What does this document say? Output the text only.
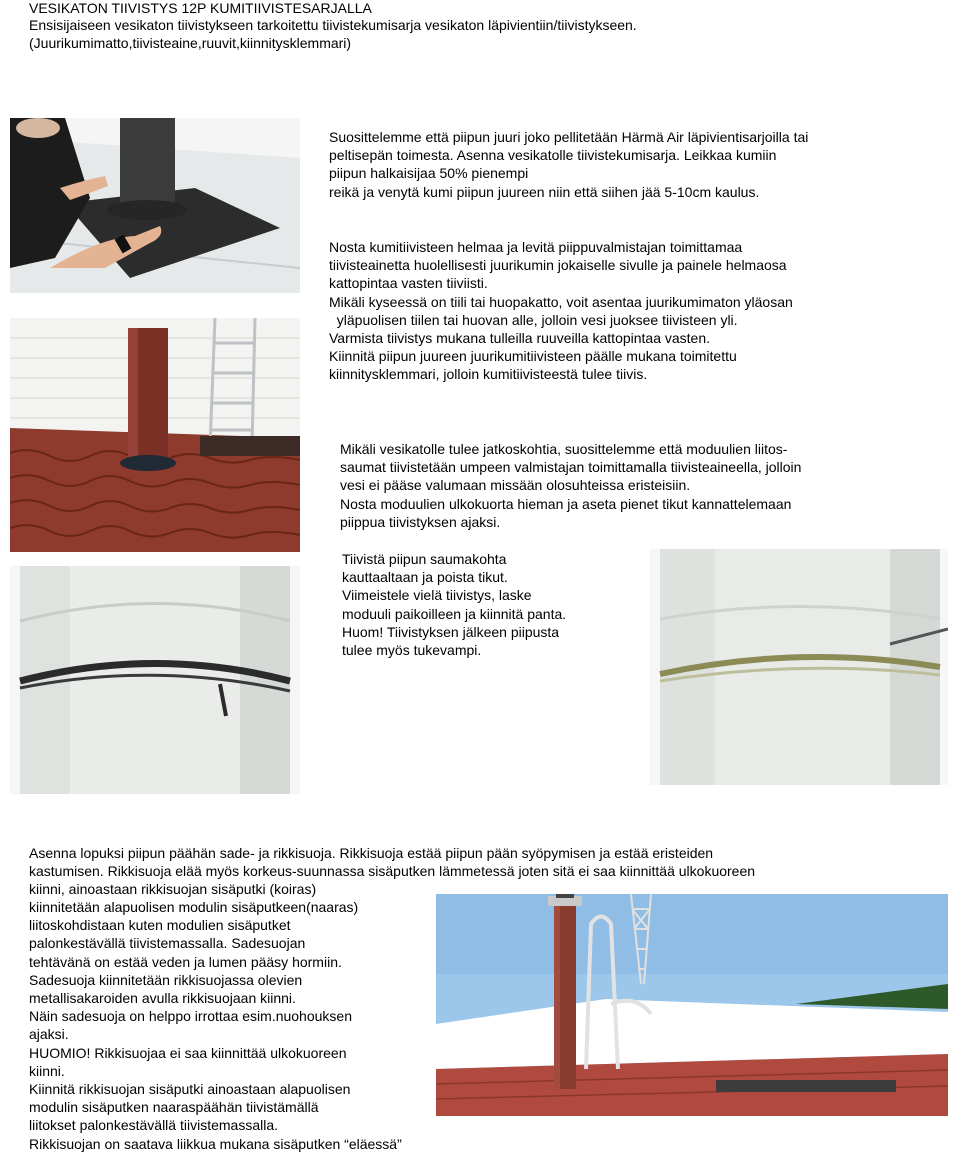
VESIKATON TIIVISTYS 12P KUMITIIVISTESARJALLA
Ensisijaiseen vesikaton tiivistykseen tarkoitettu tiivistekumisarja vesikaton läpivientiin/tiivistykseen.
(Juurikumimatto,tiivisteaine,ruuvit,kiinnitysklemmari)

Suosittelemme että piipun juuri joko pellitetään Härmä Air läpivientisarjoilla tai

peltisepän toimesta. Asenna vesikatolle tiivistekumisarja. Leikkaa kumiin

piipun halkaisijaa 50% pienempi

reikä ja venytä kumi piipun juureen niin että siihen jää 5-10cm kaulus.

Nosta kumitiivisteen helmaa ja levitä piippuvalmistajan toimittamaa

tiivisteainetta huolellisesti juurikumin jokaiselle sivulle ja painele helmaosa

kattopintaa vasten tiiviisti.

Mikäli kyseessä on tiili tai huopakatto, voit asentaa juurikumimaton yläosan

yläpuolisen tiilen tai huovan alle, jolloin vesi juoksee tiivisteen yli.

Varmista tiivistys mukana tulleilla ruuveilla kattopintaa vasten.

Kiinnitä piipun juureen juurikumitiivisteen päälle mukana toimitettu

kiinnitysklemmari, jolloin kumitiivisteestä tulee tiivis.

Mikäli vesikatolle tulee jatkoskohtia, suosittelemme että moduulien liitos-

saumat tiivistetään umpeen valmistajan toimittamalla tiivisteaineella, jolloin

vesi ei pääse valumaan missään olosuhteissa eristeisiin.

Nosta moduulien ulkokuorta hieman ja aseta pienet tikut kannattelemaan

piippua tiivistyksen ajaksi.

Tiivistä piipun saumakohta

kauttaaltaan ja poista tikut.

Viimeistele vielä tiivistys, laske

moduuli paikoilleen ja kiinnitä panta.

Huom! Tiivistyksen jälkeen piipusta

tulee myös tukevampi.

Asenna lopuksi piipun päähän sade- ja rikkisuoja. Rikkisuoja estää piipun pään syöpymisen ja estää eristeiden

kastumisen. Rikkisuoja elää myös korkeus-suunnassa sisäputken lämmetessä joten sitä ei saa kiinnittää ulkokuoreen

kiinni, ainoastaan rikkisuojan sisäputki (koiras)

kiinnitetään alapuolisen modulin sisäputkeen(naaras)

liitoskohdistaan kuten modulien sisäputket

palonkestävällä tiivistemassalla. Sadesuojan

tehtävänä on estää veden ja lumen pääsy hormiin.

Sadesuoja kiinnitetään rikkisuojassa olevien

metallisakaroiden avulla rikkisuojaan kiinni.

Näin sadesuoja on helppo irrottaa esim.nuohouksen

ajaksi.

HUOMIO! Rikkisuojaa ei saa kiinnittää ulkokuoreen

kiinni.

Kiinnitä rikkisuojan sisäputki ainoastaan alapuolisen

modulin sisäputken naaraspäähän tiivistämällä

liitokset palonkestävällä tiivistemassalla.

Rikkisuojan on saatava liikkua mukana sisäputken “eläessä”
